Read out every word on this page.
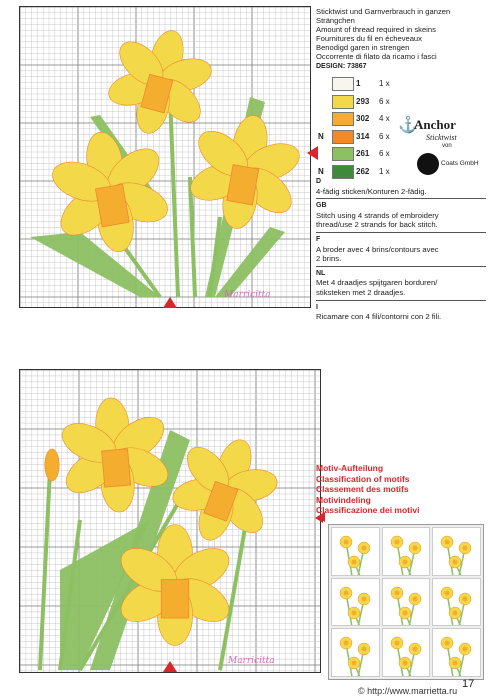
Marricitta
Marricitta
Sticktwist und Garnverbrauch in ganzen
Strängchen
Amount of thread required in skeins
Fournitures du fil en écheveaux
Benodigd garen in strengen
Occorrente di filato da ricamo i fasci
DESIGN: 73867
1 1 x
293 6 x
302 4 x
N	314 6 x
261 6 x
N	262 1 x
⚓
Anchor
Sticktwist
von
Coats GmbH
D
4-fädig sticken/Konturen 2-fädig.
GB
Stitch using 4 strands of embroidery
thread/use 2 strands for back stitch.
F
A broder avec 4 brins/contours avec
2 brins.
NL
Met 4 draadjes spijtgaren borduren/
stiksteken met 2 draadjes.
I
Ricamare con 4 fili/contorni con 2 fili.
Motiv-Aufteilung
Classification of motifs
Classement des motifs
Motivindeling
Classificazione dei motivi
© http://www.marrietta.ru
17
